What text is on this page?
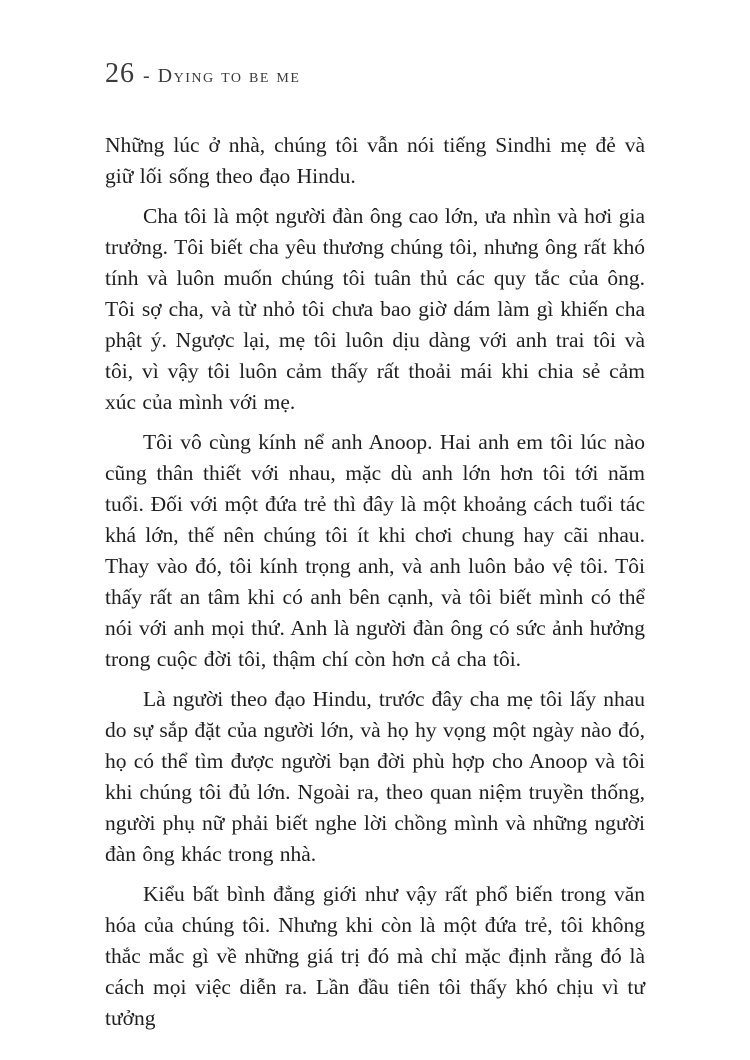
26 - Dying to be me

Những lúc ở nhà, chúng tôi vẫn nói tiếng Sindhi mẹ đẻ và giữ lối sống theo đạo Hindu.

Cha tôi là một người đàn ông cao lớn, ưa nhìn và hơi gia trưởng. Tôi biết cha yêu thương chúng tôi, nhưng ông rất khó tính và luôn muốn chúng tôi tuân thủ các quy tắc của ông. Tôi sợ cha, và từ nhỏ tôi chưa bao giờ dám làm gì khiến cha phật ý. Ngược lại, mẹ tôi luôn dịu dàng với anh trai tôi và tôi, vì vậy tôi luôn cảm thấy rất thoải mái khi chia sẻ cảm xúc của mình với mẹ.

Tôi vô cùng kính nể anh Anoop. Hai anh em tôi lúc nào cũng thân thiết với nhau, mặc dù anh lớn hơn tôi tới năm tuổi. Đối với một đứa trẻ thì đây là một khoảng cách tuổi tác khá lớn, thế nên chúng tôi ít khi chơi chung hay cãi nhau. Thay vào đó, tôi kính trọng anh, và anh luôn bảo vệ tôi. Tôi thấy rất an tâm khi có anh bên cạnh, và tôi biết mình có thể nói với anh mọi thứ. Anh là người đàn ông có sức ảnh hưởng trong cuộc đời tôi, thậm chí còn hơn cả cha tôi.

Là người theo đạo Hindu, trước đây cha mẹ tôi lấy nhau do sự sắp đặt của người lớn, và họ hy vọng một ngày nào đó, họ có thể tìm được người bạn đời phù hợp cho Anoop và tôi khi chúng tôi đủ lớn. Ngoài ra, theo quan niệm truyền thống, người phụ nữ phải biết nghe lời chồng mình và những người đàn ông khác trong nhà.

Kiểu bất bình đẳng giới như vậy rất phổ biến trong văn hóa của chúng tôi. Nhưng khi còn là một đứa trẻ, tôi không thắc mắc gì về những giá trị đó mà chỉ mặc định rằng đó là cách mọi việc diễn ra. Lần đầu tiên tôi thấy khó chịu vì tư tưởng
